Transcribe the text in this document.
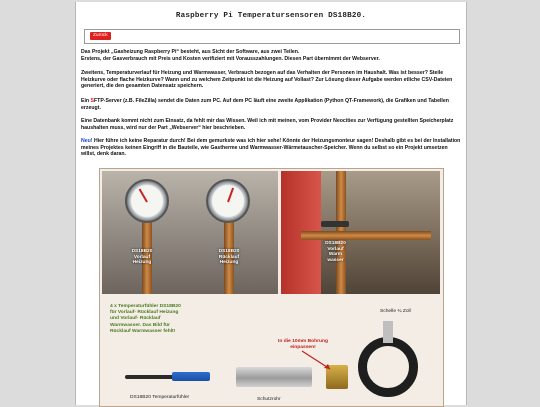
Raspberry Pi Temperatursensoren DS18B20.
Zurück
Das Projekt „Gasheizung Raspberry Pi“ besteht, aus Sicht der Software, aus zwei Teilen.
Erstens, der Gasverbrauch mit Preis und Kosten verifiziert mit Vorausszahlungen. Diesen Part übernimmt der Webserver.
Zweitens, Temperaturverlauf für Heizung und Warmwasser, Verbrauch bezogen auf das Verhalten der Personen im Haushalt. Was ist besser? Steile Heizkurve oder flache Heizkurve? Wann und zu welchem Zeitpunkt ist die Heizung auf Vollast? Zur Lösung dieser Aufgabe werden etliche CSV-Dateien generiert, die den gesamten Datensatz speichern.
Ein SFTP-Server (z.B. FileZilla) sendet die Daten zum PC. Auf dem PC läuft eine zweite Applikation (Python QT-Framework), die Grafiken und Tabellen erzeugt.
Eine Datenbank kommt nicht zum Einsatz, da fehlt mir das Wissen. Weil ich mit meinen, vom Provider Neocities zur Verfügung gestellten Speicherplatz haushalten muss, wird nur der Part „Webserver“ hier beschrieben.
Neu! Hier führe ich keine Reparatur durch! Bei dem gemurkste was ich hier sehe! Könnte der Heizungsmonteur sagen! Deshalb gibt es bei der Installation meines Projektes keinen Eingriff in die Bauteile, wie Gastherme und Warmwasser-Wärmetauscher-Speicher. Wenn du selbst so ein Projekt umsetzen willst, denk daran.
DS18B20
Vorlauf
Heizung
DS18B20
Rücklauf
Heizung
DS18B20
Vorlauf
Warm
wasser
4 x Temperaturfühler DS18B20
für Vorlauf- Rücklauf Heizung
und Vorlauf- Rücklauf
Warmwasser. Das Bild für
Rücklauf Warmwasser fehlt!
Schelle ¾ Zoll
In die 10mm Bohrung
einpassen!
DS18B20 Temperaturfühler	Schutzrohr
